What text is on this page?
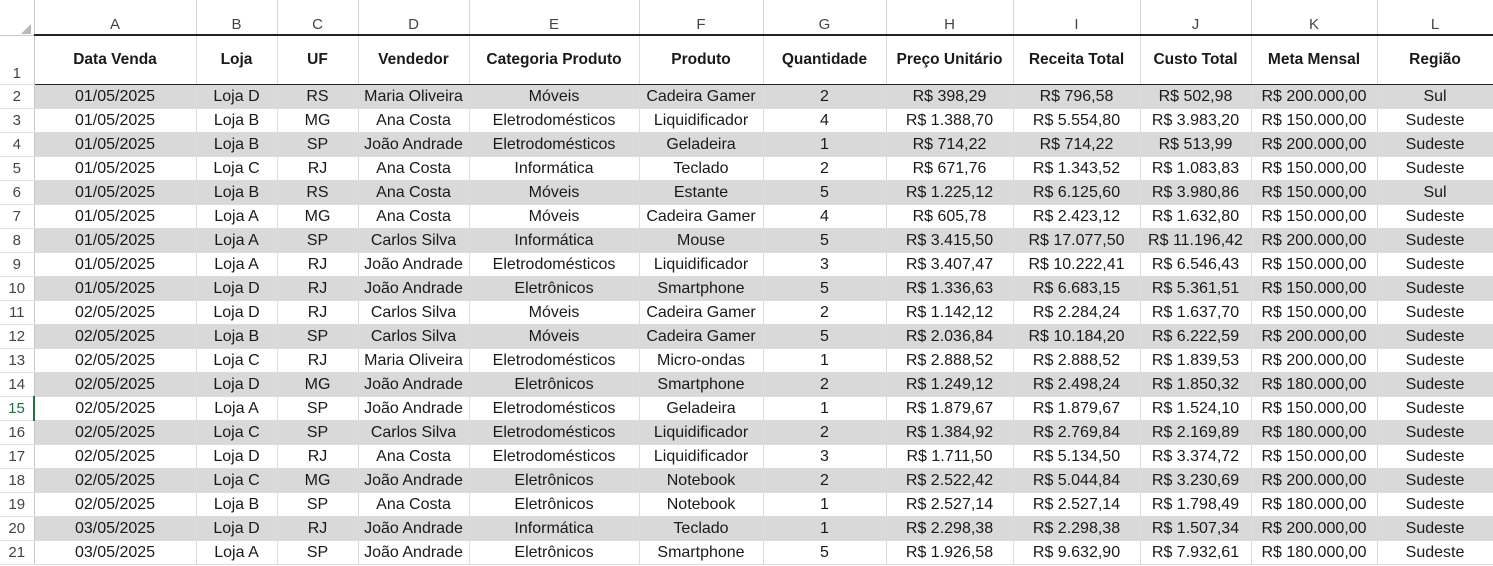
	A	B	C	D	E	F	G	H	I	J	K	L
1	Data Venda	Loja	UF	Vendedor	Categoria Produto	Produto	Quantidade	Preço Unitário	Receita Total	Custo Total	Meta Mensal	Região
2	01/05/2025	Loja D	RS	Maria Oliveira	Móveis	Cadeira Gamer	2	R$ 398,29	R$ 796,58	R$ 502,98	R$ 200.000,00	Sul
3	01/05/2025	Loja B	MG	Ana Costa	Eletrodomésticos	Liquidificador	4	R$ 1.388,70	R$ 5.554,80	R$ 3.983,20	R$ 150.000,00	Sudeste
4	01/05/2025	Loja B	SP	João Andrade	Eletrodomésticos	Geladeira	1	R$ 714,22	R$ 714,22	R$ 513,99	R$ 200.000,00	Sudeste
5	01/05/2025	Loja C	RJ	Ana Costa	Informática	Teclado	2	R$ 671,76	R$ 1.343,52	R$ 1.083,83	R$ 150.000,00	Sudeste
6	01/05/2025	Loja B	RS	Ana Costa	Móveis	Estante	5	R$ 1.225,12	R$ 6.125,60	R$ 3.980,86	R$ 150.000,00	Sul
7	01/05/2025	Loja A	MG	Ana Costa	Móveis	Cadeira Gamer	4	R$ 605,78	R$ 2.423,12	R$ 1.632,80	R$ 150.000,00	Sudeste
8	01/05/2025	Loja A	SP	Carlos Silva	Informática	Mouse	5	R$ 3.415,50	R$ 17.077,50	R$ 11.196,42	R$ 200.000,00	Sudeste
9	01/05/2025	Loja A	RJ	João Andrade	Eletrodomésticos	Liquidificador	3	R$ 3.407,47	R$ 10.222,41	R$ 6.546,43	R$ 150.000,00	Sudeste
10	01/05/2025	Loja D	RJ	João Andrade	Eletrônicos	Smartphone	5	R$ 1.336,63	R$ 6.683,15	R$ 5.361,51	R$ 150.000,00	Sudeste
11	02/05/2025	Loja D	RJ	Carlos Silva	Móveis	Cadeira Gamer	2	R$ 1.142,12	R$ 2.284,24	R$ 1.637,70	R$ 150.000,00	Sudeste
12	02/05/2025	Loja B	SP	Carlos Silva	Móveis	Cadeira Gamer	5	R$ 2.036,84	R$ 10.184,20	R$ 6.222,59	R$ 200.000,00	Sudeste
13	02/05/2025	Loja C	RJ	Maria Oliveira	Eletrodomésticos	Micro-ondas	1	R$ 2.888,52	R$ 2.888,52	R$ 1.839,53	R$ 200.000,00	Sudeste
14	02/05/2025	Loja D	MG	João Andrade	Eletrônicos	Smartphone	2	R$ 1.249,12	R$ 2.498,24	R$ 1.850,32	R$ 180.000,00	Sudeste
15	02/05/2025	Loja A	SP	João Andrade	Eletrodomésticos	Geladeira	1	R$ 1.879,67	R$ 1.879,67	R$ 1.524,10	R$ 150.000,00	Sudeste
16	02/05/2025	Loja C	SP	Carlos Silva	Eletrodomésticos	Liquidificador	2	R$ 1.384,92	R$ 2.769,84	R$ 2.169,89	R$ 180.000,00	Sudeste
17	02/05/2025	Loja D	RJ	Ana Costa	Eletrodomésticos	Liquidificador	3	R$ 1.711,50	R$ 5.134,50	R$ 3.374,72	R$ 150.000,00	Sudeste
18	02/05/2025	Loja C	MG	João Andrade	Eletrônicos	Notebook	2	R$ 2.522,42	R$ 5.044,84	R$ 3.230,69	R$ 200.000,00	Sudeste
19	02/05/2025	Loja B	SP	Ana Costa	Eletrônicos	Notebook	1	R$ 2.527,14	R$ 2.527,14	R$ 1.798,49	R$ 180.000,00	Sudeste
20	03/05/2025	Loja D	RJ	João Andrade	Informática	Teclado	1	R$ 2.298,38	R$ 2.298,38	R$ 1.507,34	R$ 200.000,00	Sudeste
21	03/05/2025	Loja A	SP	João Andrade	Eletrônicos	Smartphone	5	R$ 1.926,58	R$ 9.632,90	R$ 7.932,61	R$ 180.000,00	Sudeste
